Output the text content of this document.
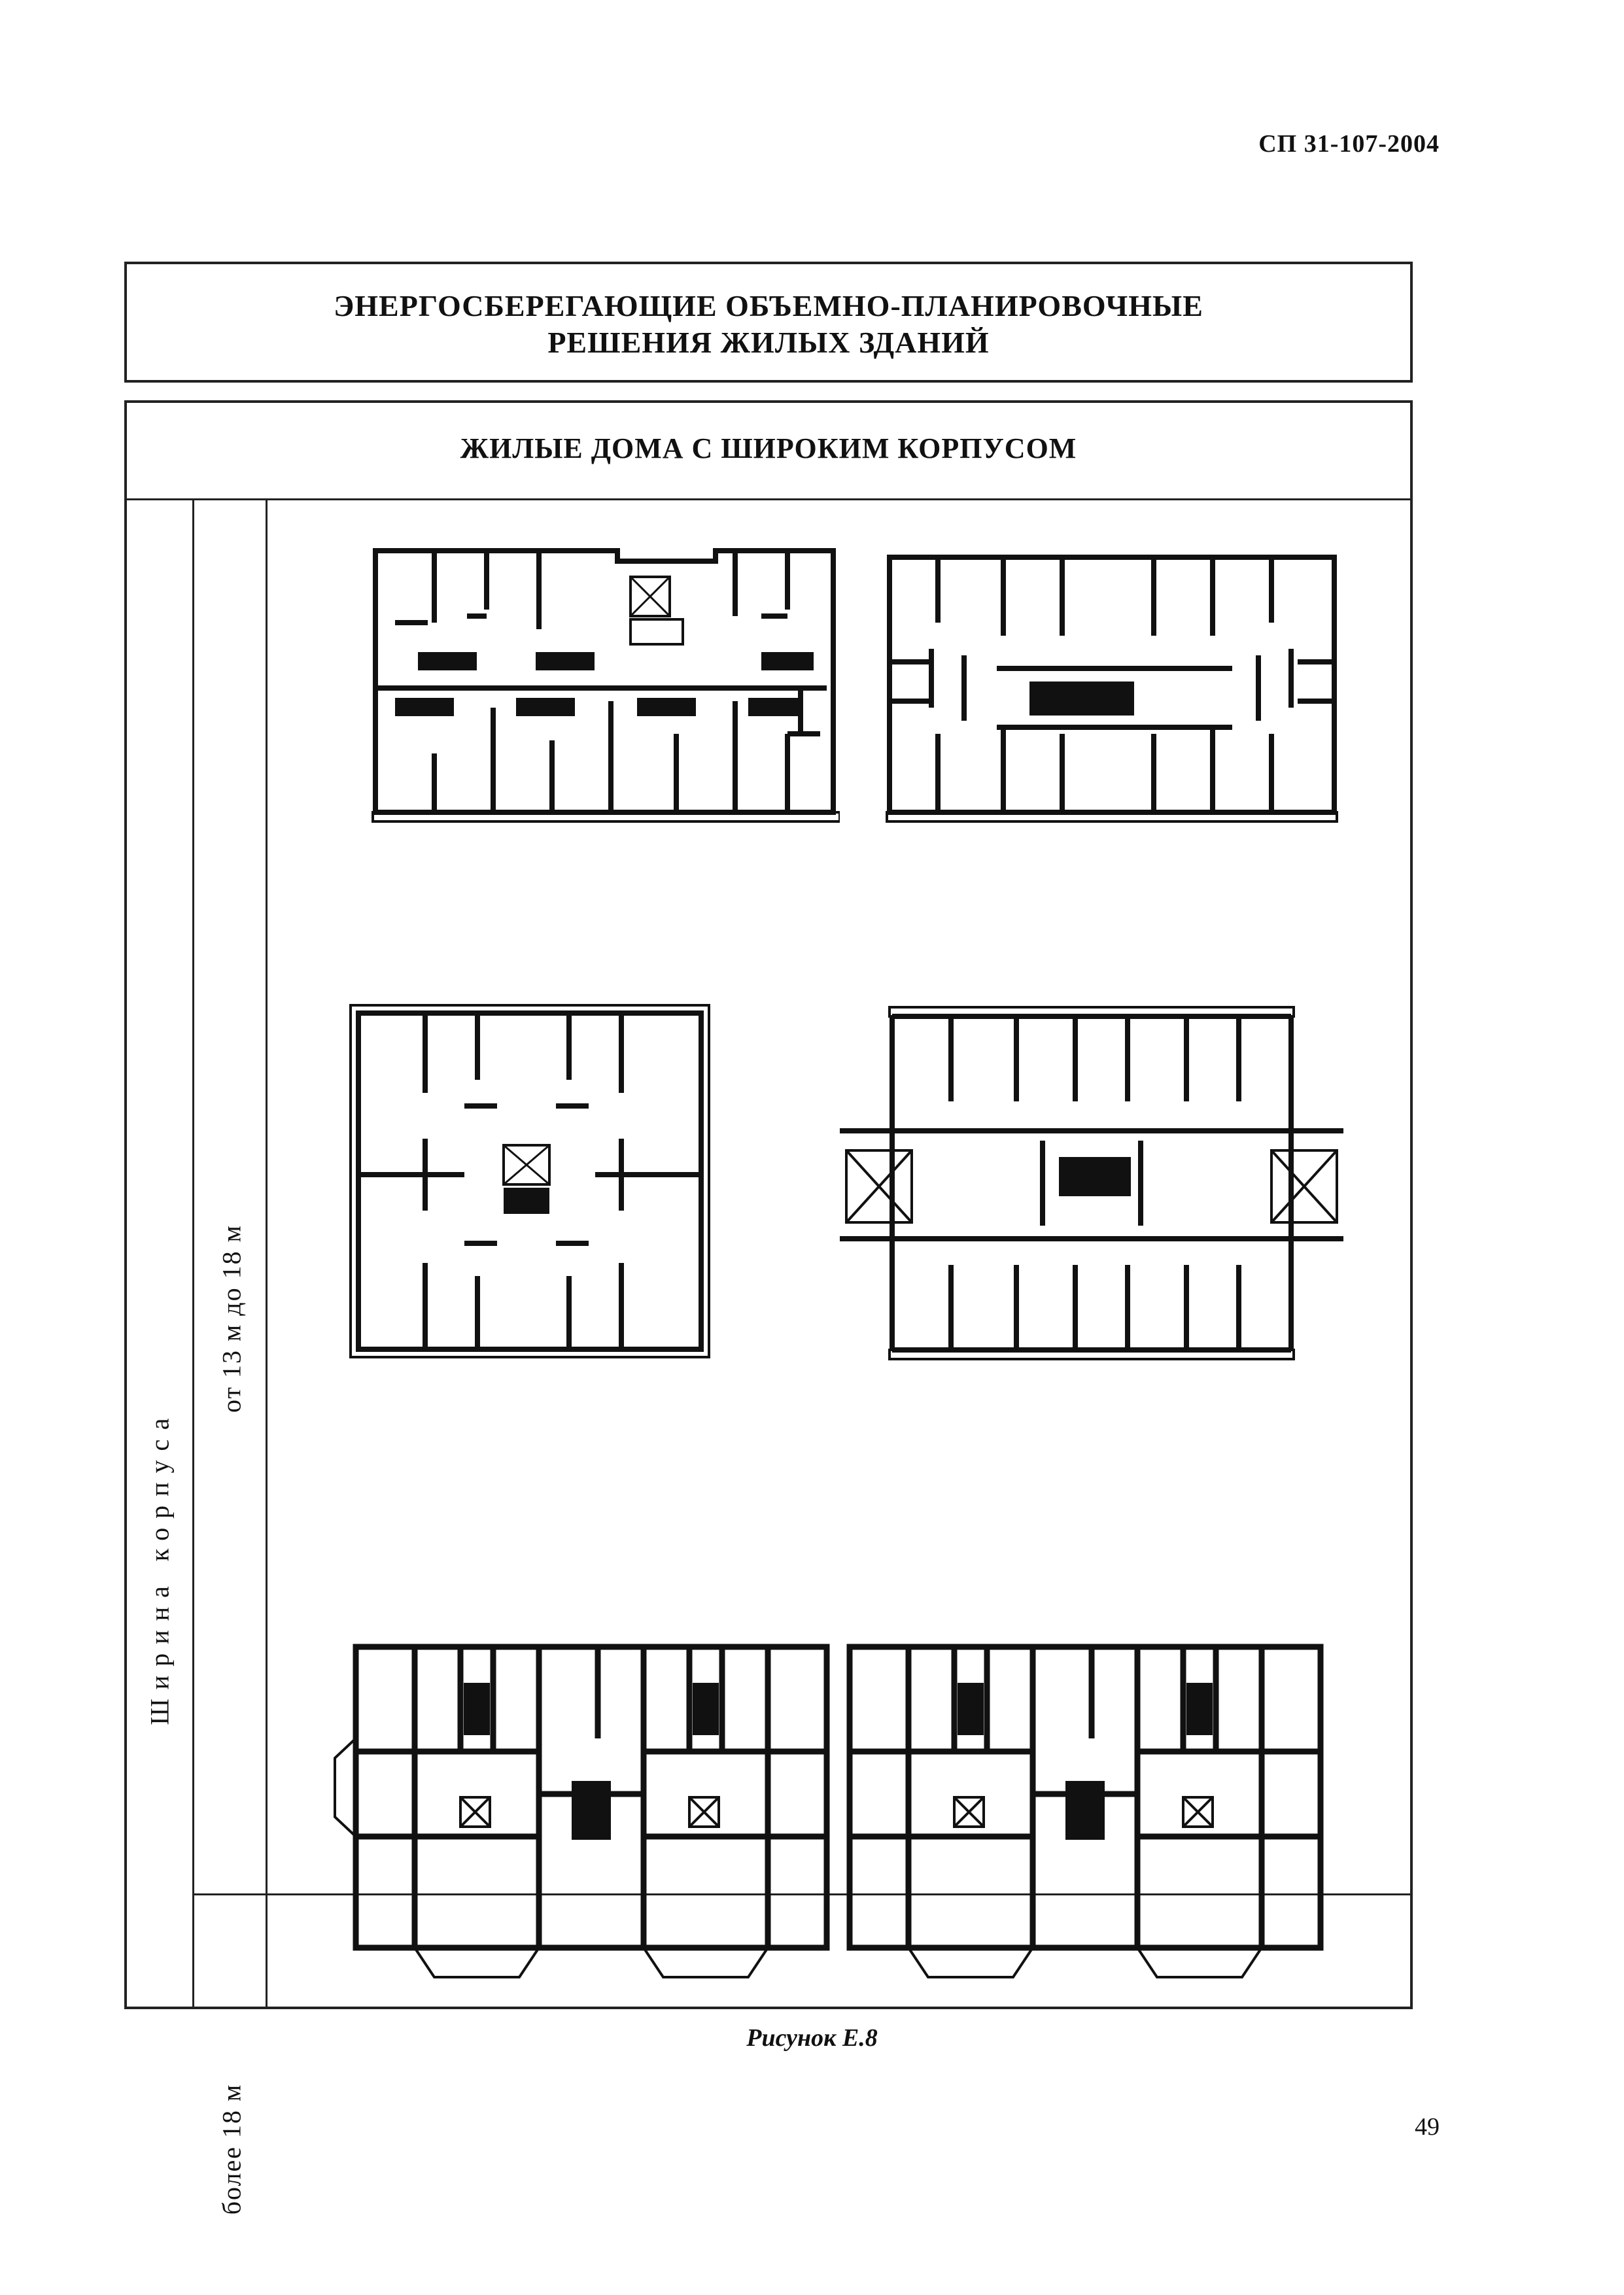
СП 31-107-2004
ЭНЕРГОСБЕРЕГАЮЩИЕ ОБЪЕМНО-ПЛАНИРОВОЧНЫЕ
РЕШЕНИЯ ЖИЛЫХ ЗДАНИЙ
ЖИЛЫЕ ДОМА С ШИРОКИМ КОРПУСОМ
Ширина корпуса
от 13 м до 18 м
более 18 м
Рисунок Е.8
49
